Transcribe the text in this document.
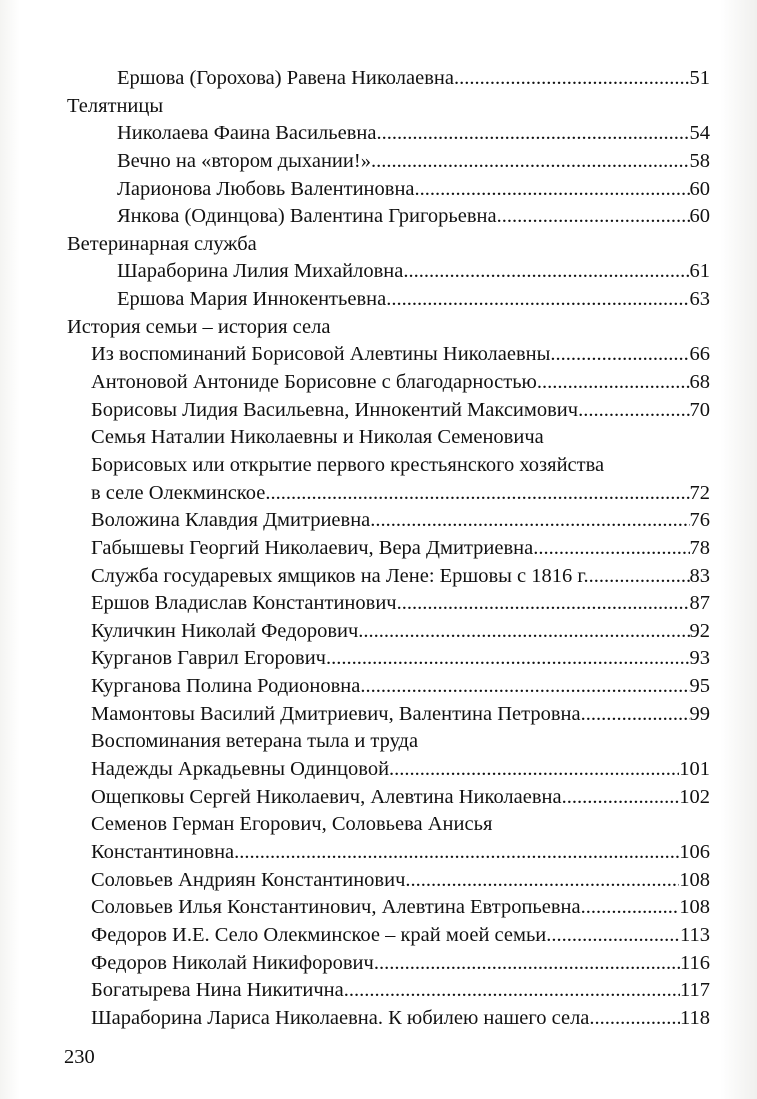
Ершова (Горохова) Равена Николаевна .....	51
Телятницы
Николаева Фаина Васильевна .....	54
Вечно на «втором дыхании!» .....	58
Ларионова Любовь Валентиновна .....	60
Янкова (Одинцова) Валентина Григорьевна .....	60
Ветеринарная служба
Шараборина Лилия Михайловна .....	61
Ершова Мария Иннокентьевна .....	63
История семьи – история села
Из воспоминаний Борисовой Алевтины Николаевны .....	66
Антоновой Антониде Борисовне с благодарностью .....	68
Борисовы Лидия Васильевна, Иннокентий Максимович .....	70
Семья Наталии Николаевны и Николая Семеновича
Борисовых или открытие первого крестьянского хозяйства
в селе Олекминское .....	72
Воложина Клавдия Дмитриевна .....	76
Габышевы Георгий Николаевич, Вера Дмитриевна .....	78
Служба государевых ямщиков на Лене: Ершовы с 1816 г. .....	83
Ершов Владислав Константинович .....	87
Куличкин Николай Федорович .....	92
Курганов Гаврил Егорович .....	93
Курганова Полина Родионовна .....	95
Мамонтовы Василий Дмитриевич, Валентина Петровна .....	99
Воспоминания ветерана тыла и труда
Надежды Аркадьевны Одинцовой .....	101
Ощепковы Сергей Николаевич, Алевтина Николаевна .....	102
Семенов Герман Егорович, Соловьева Анисья
Константиновна .....	106
Соловьев Андриян Константинович .....	108
Соловьев Илья Константинович, Алевтина Евтропьевна .....	108
Федоров И.Е. Село Олекминское – край моей семьи .....	113
Федоров Николай Никифорович .....	116
Богатырева Нина Никитична .....	117
Шараборина Лариса Николаевна. К юбилею нашего села .....	118
230
